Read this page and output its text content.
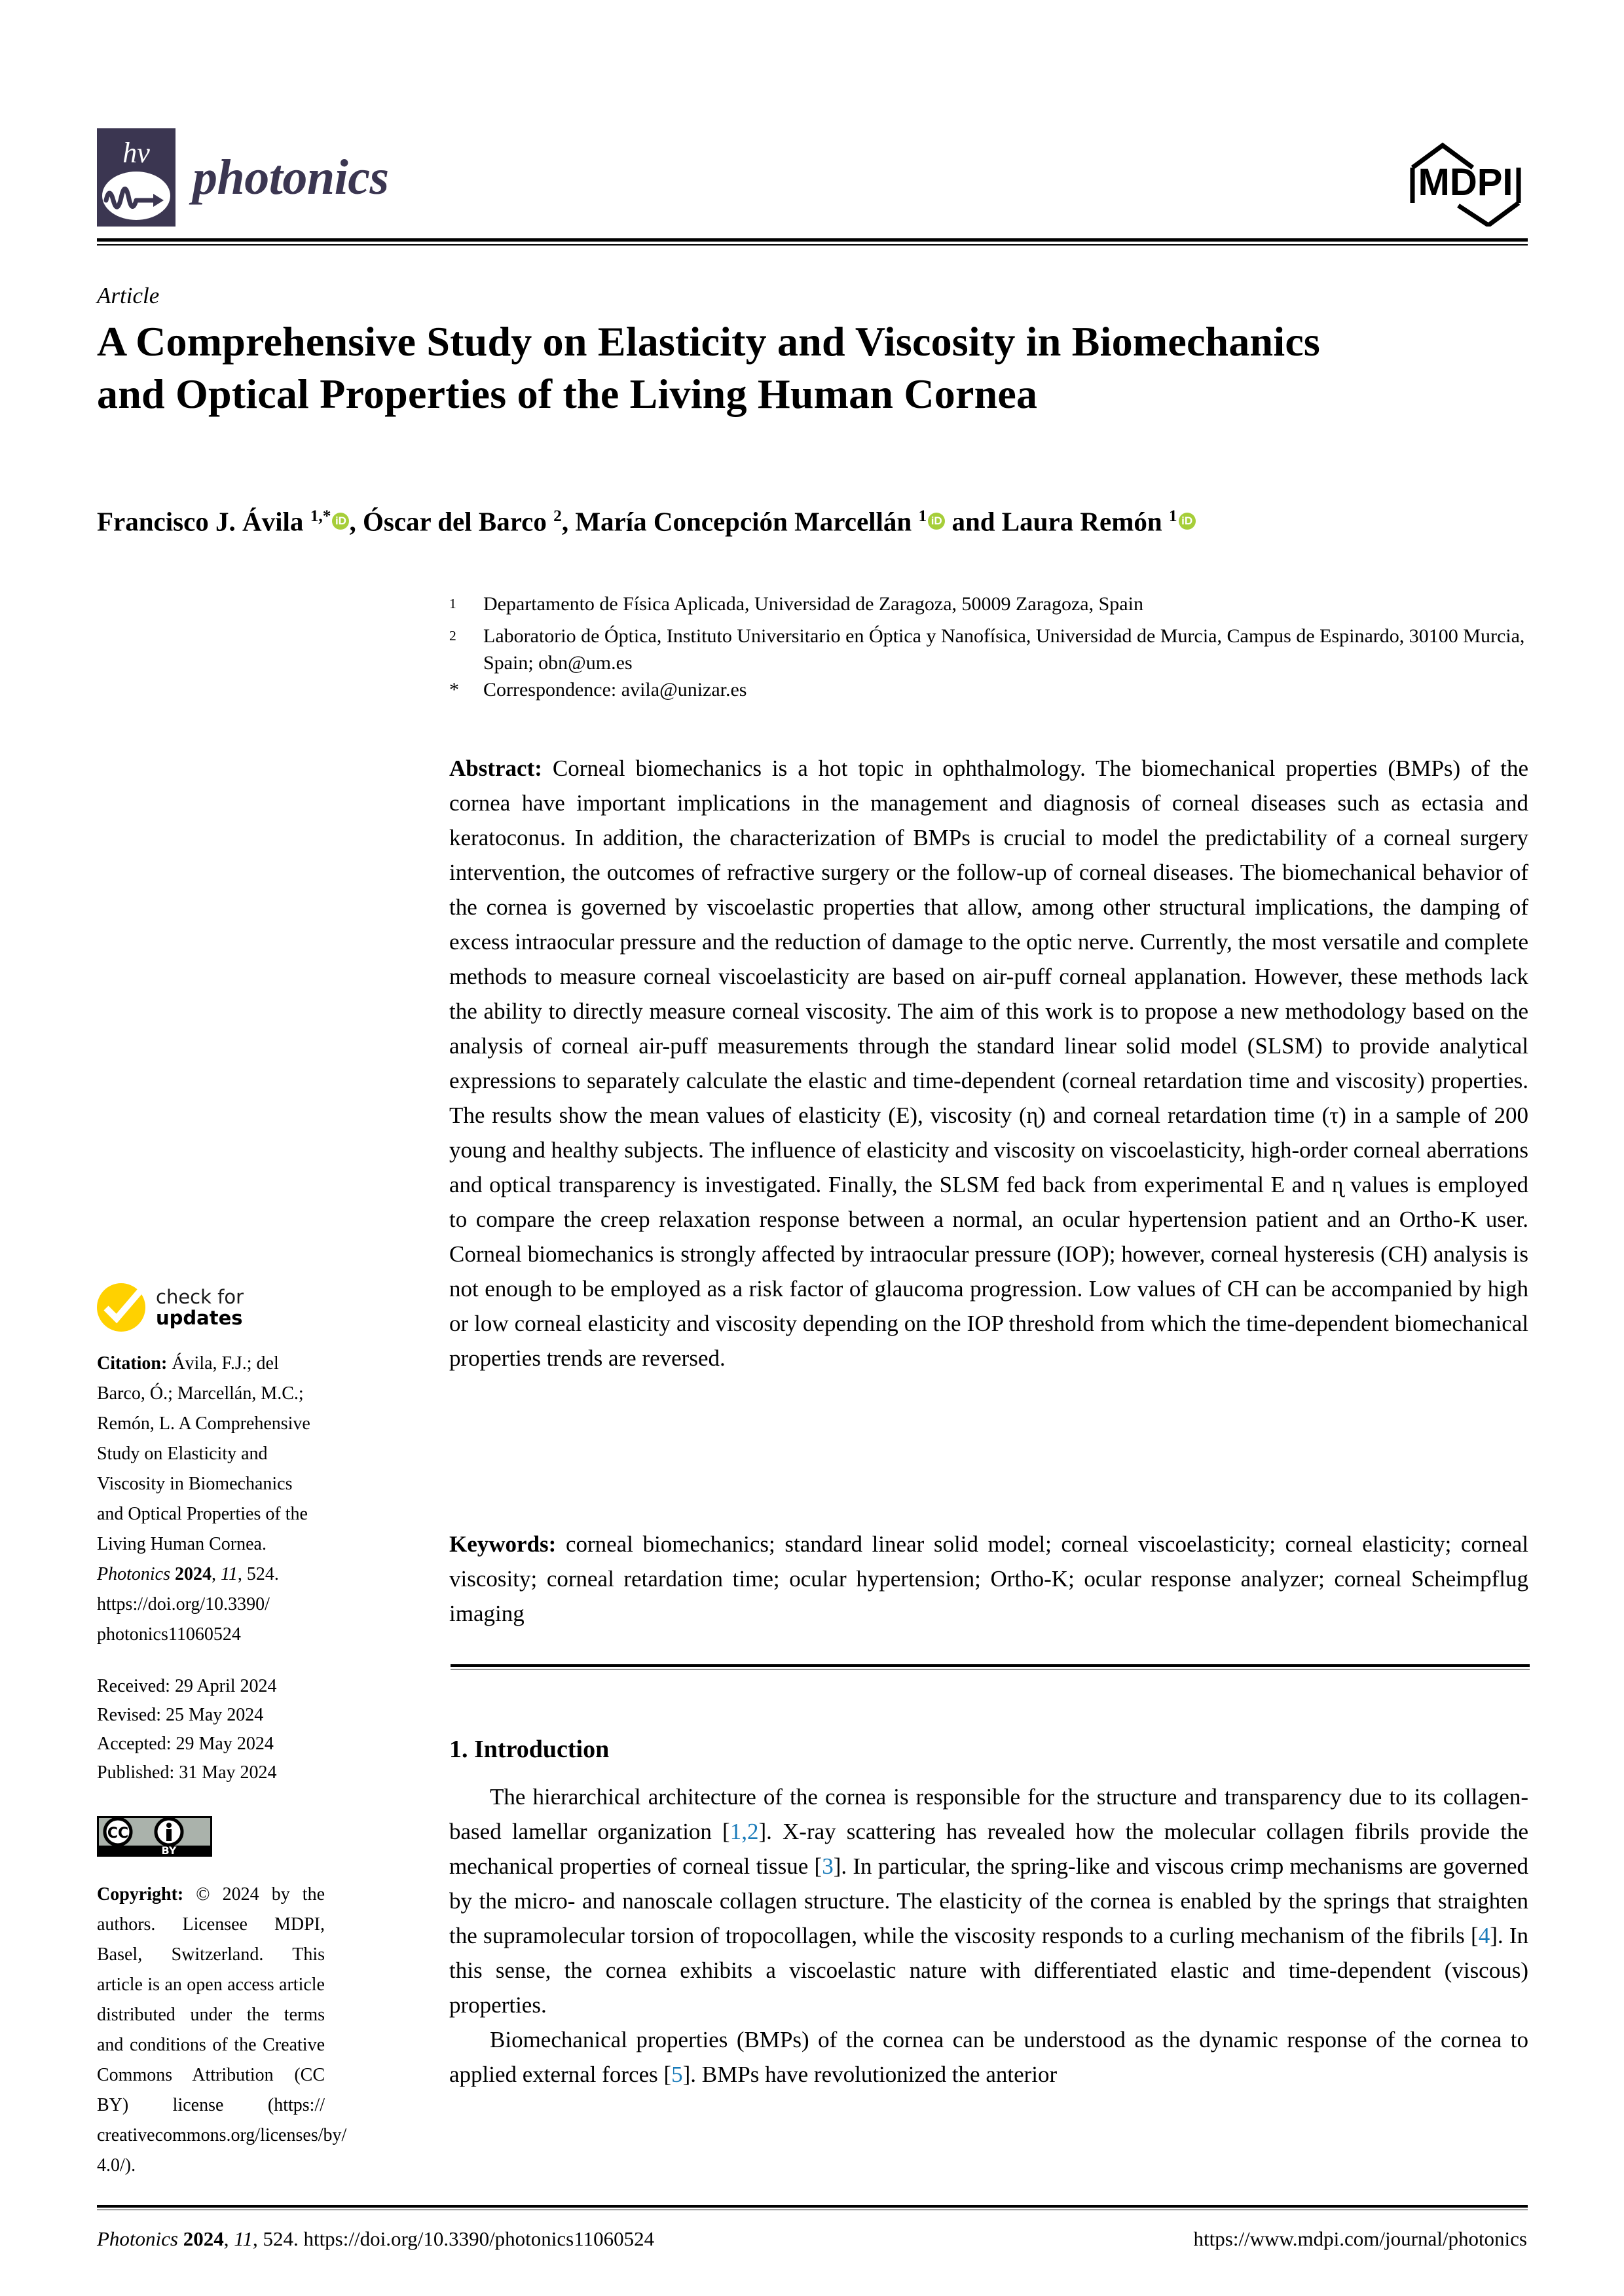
hv photonics	MDPI
Article
A Comprehensive Study on Elasticity and Viscosity in Biomechanics and Optical Properties of the Living Human Cornea
Francisco J. Ávila $^{1,*}$ iD , Óscar del Barco $^2$, María Concepción Marcellán $^1$ iD and Laura Remón $^1$ iD
$^1$	Departamento de Física Aplicada, Universidad de Zaragoza, 50009 Zaragoza, Spain
$^2$	Laboratorio de Óptica, Instituto Universitario en Óptica y Nanofísica, Universidad de Murcia, Campus de Espinardo, 30100 Murcia, Spain; obn@um.es
*	Correspondence: avila@unizar.es
Abstract: Corneal biomechanics is a hot topic in ophthalmology. The biomechanical properties (BMPs) of the cornea have important implications in the management and diagnosis of corneal diseases such as ectasia and keratoconus. In addition, the characterization of BMPs is crucial to model the predictability of a corneal surgery intervention, the outcomes of refractive surgery or the follow-up of corneal diseases. The biomechanical behavior of the cornea is governed by viscoelastic properties that allow, among other structural implications, the damping of excess intraocular pressure and the reduction of damage to the optic nerve. Currently, the most versatile and complete methods to measure corneal viscoelasticity are based on air-puff corneal applanation. However, these methods lack the ability to directly measure corneal viscosity. The aim of this work is to propose a new methodology based on the analysis of corneal air-puff measurements through the standard linear solid model (SLSM) to provide analytical expressions to separately calculate the elastic and time-dependent (corneal retardation time and viscosity) properties. The results show the mean values of elasticity (E), viscosity (ɳ) and corneal retardation time (τ) in a sample of 200 young and healthy subjects. The influence of elasticity and viscosity on viscoelasticity, high-order corneal aberrations and optical transparency is investigated. Finally, the SLSM fed back from experimental E and ɳ values is employed to compare the creep relaxation response between a normal, an ocular hypertension patient and an Ortho-K user. Corneal biomechanics is strongly affected by intraocular pressure (IOP); however, corneal hysteresis (CH) analysis is not enough to be employed as a risk factor of glaucoma progression. Low values of CH can be accompanied by high or low corneal elasticity and viscosity depending on the IOP threshold from which the time-dependent biomechanical properties trends are reversed.
Keywords: corneal biomechanics; standard linear solid model; corneal viscoelasticity; corneal elasticity; corneal viscosity; corneal retardation time; ocular hypertension; Ortho-K; ocular response analyzer; corneal Scheimpflug imaging
1. Introduction

The hierarchical architecture of the cornea is responsible for the structure and transparency due to its collagen-based lamellar organization [1,2]. X-ray scattering has revealed how the molecular collagen fibrils provide the mechanical properties of corneal tissue [3]. In particular, the spring-like and viscous crimp mechanisms are governed by the micro- and nanoscale collagen structure. The elasticity of the cornea is enabled by the springs that straighten the supramolecular torsion of tropocollagen, while the viscosity responds to a curling mechanism of the fibrils [4]. In this sense, the cornea exhibits a viscoelastic nature with differentiated elastic and time-dependent (viscous) properties.

Biomechanical properties (BMPs) of the cornea can be understood as the dynamic response of the cornea to applied external forces [5]. BMPs have revolutionized the anterior

check for
updates
Citation: Ávila, F.J.; del Barco, Ó.; Marcellán, M.C.; Remón, L. A Comprehensive Study on Elasticity and Viscosity in Biomechanics and Optical Properties of the Living Human Cornea. Photonics 2024, 11, 524. https://doi.org/10.3390/ photonics11060524
Received: 29 April 2024
Revised: 25 May 2024
Accepted: 29 May 2024
Published: 31 May 2024
CC
BY
Copyright: © 2024 by the authors. Licensee MDPI, Basel, Switzerland. This article is an open access article distributed under the terms and conditions of the Creative Commons Attribution (CC BY) license (https:// creativecommons.org/licenses/by/ 4.0/).
Photonics 2024, 11, 524. https://doi.org/10.3390/photonics11060524	https://www.mdpi.com/journal/photonics
